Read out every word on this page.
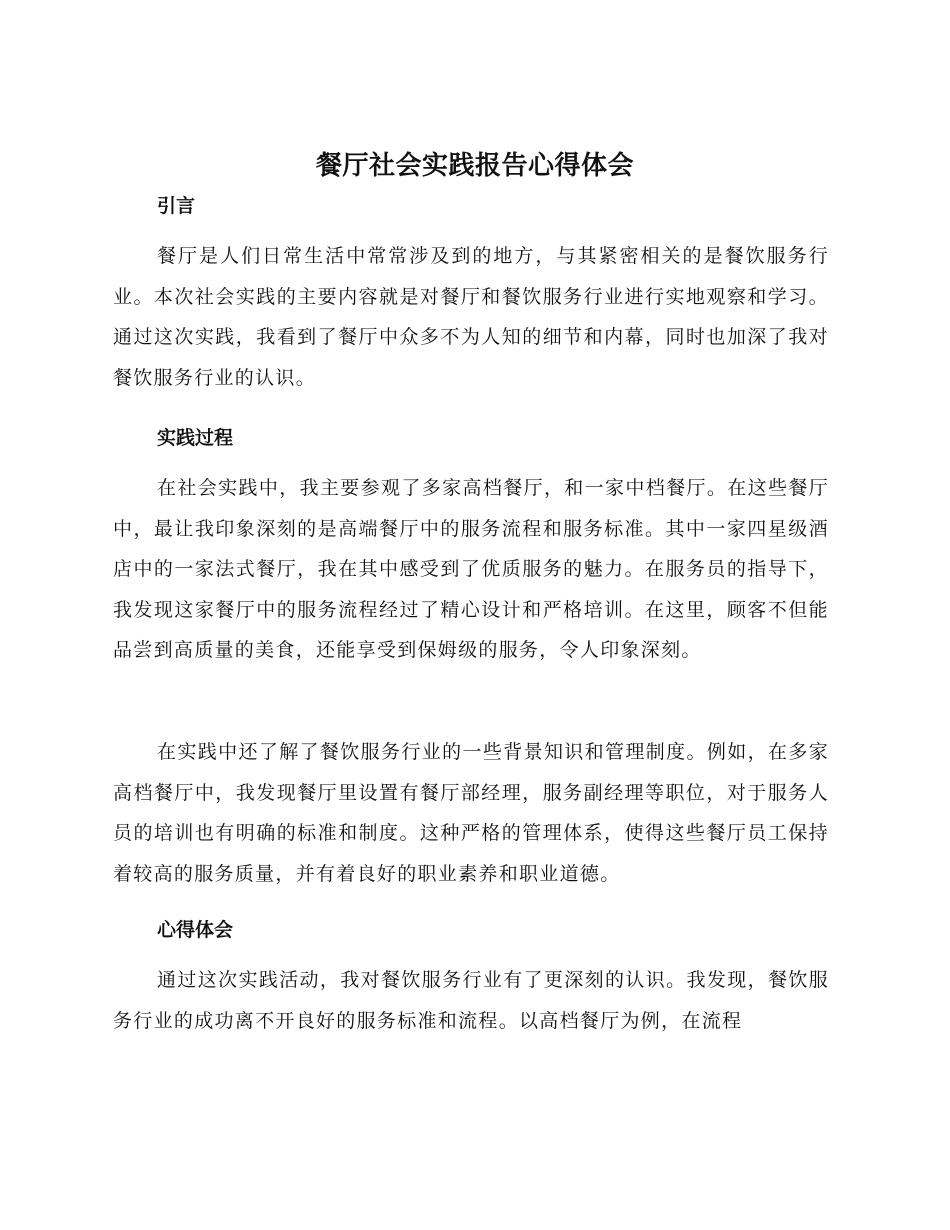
餐厅社会实践报告心得体会
引言

餐厅是人们日常生活中常常涉及到的地方，与其紧密相关的是餐饮服务行业。本次社会实践的主要内容就是对餐厅和餐饮服务行业进行实地观察和学习。通过这次实践，我看到了餐厅中众多不为人知的细节和内幕，同时也加深了我对餐饮服务行业的认识。

实践过程

在社会实践中，我主要参观了多家高档餐厅，和一家中档餐厅。在这些餐厅中，最让我印象深刻的是高端餐厅中的服务流程和服务标准。其中一家四星级酒店中的一家法式餐厅，我在其中感受到了优质服务的魅力。在服务员的指导下，我发现这家餐厅中的服务流程经过了精心设计和严格培训。在这里，顾客不但能品尝到高质量的美食，还能享受到保姆级的服务，令人印象深刻。

在实践中还了解了餐饮服务行业的一些背景知识和管理制度。例如，在多家高档餐厅中，我发现餐厅里设置有餐厅部经理，服务副经理等职位，对于服务人员的培训也有明确的标准和制度。这种严格的管理体系，使得这些餐厅员工保持着较高的服务质量，并有着良好的职业素养和职业道德。

心得体会

通过这次实践活动，我对餐饮服务行业有了更深刻的认识。我发现，餐饮服务行业的成功离不开良好的服务标准和流程。以高档餐厅为例，在流程
